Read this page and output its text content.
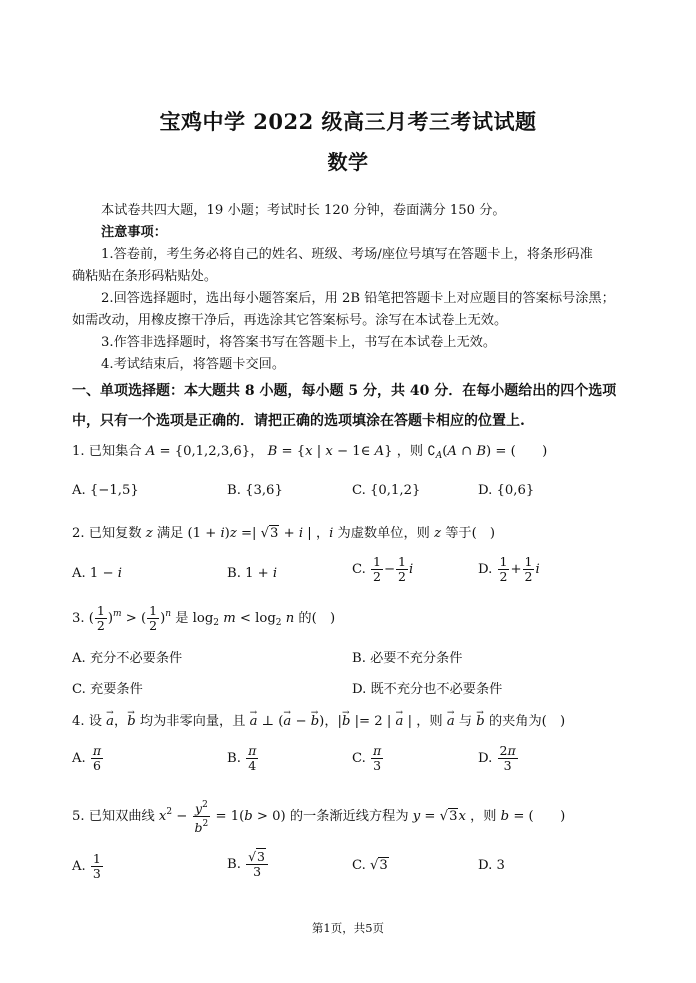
宝鸡中学 2022 级高三月考三考试试题
数学
本试卷共四大题，19 小题；考试时长 120 分钟，卷面满分 150 分。
注意事项：
1.答卷前，考生务必将自己的姓名、班级、考场/座位号填写在答题卡上，将条形码准
确粘贴在条形码粘贴处。
2.回答选择题时，选出每小题答案后，用 2B 铅笔把答题卡上对应题目的答案标号涂黑；
如需改动，用橡皮擦干净后，再选涂其它答案标号。涂写在本试卷上无效。
3.作答非选择题时，将答案书写在答题卡上，书写在本试卷上无效。
4.考试结束后，将答题卡交回。
一、单项选择题：本大题共 8 小题，每小题 5 分，共 40 分．在每小题给出的四个选项
中，只有一个选项是正确的．请把正确的选项填涂在答题卡相应的位置上.
1. 已知集合 A = {0,1,2,3,6}， B = {x | x − 1∈ A} ，则 $∁_A(A$ ∩ B) = (　　)
A. {−1,5}	B. {3,6}	C. {0,1,2}	D. {0,6}
2. 已知复数 z 满足 (1 + i)z =| √3 + i | ，i 为虚数单位，则 z 等于(　)
A. 1 − i	B. 1 + i	C. $\frac{1}{2} - \frac{1}{2}$ i	D. $\frac{1}{2} + \frac{1}{2}$ i
3. ( $\frac{1}{2} )^m$ > ( $\frac{1}{2} )^n$ 是 $\log_2 m < \log_2 n$ 的(　)
A. 充分不必要条件	B. 必要不充分条件
C. 充要条件	D. 既不充分也不必要条件
4. 设 → a，→ b 均为非零向量，且 → a ⊥ (→ a − → b)，|→ b |= 2 | → a | ，则 → a 与 → b 的夹角为(　)
A. $\frac{\pi}{6}$	B. $\frac{\pi}{4}$	C. $\frac{\pi}{3}$	D. $\frac{2\pi}{3}$
5. 已知双曲线 $x^2 - \frac{y^2}{b^2} = 1(b > 0)$ 的一条渐近线方程为 y = √3x ，则 b = (　　)
A. $\frac{1}{3}$	B. $\frac{√3}{3}$	C. √3	D. 3
第1页，共5页
